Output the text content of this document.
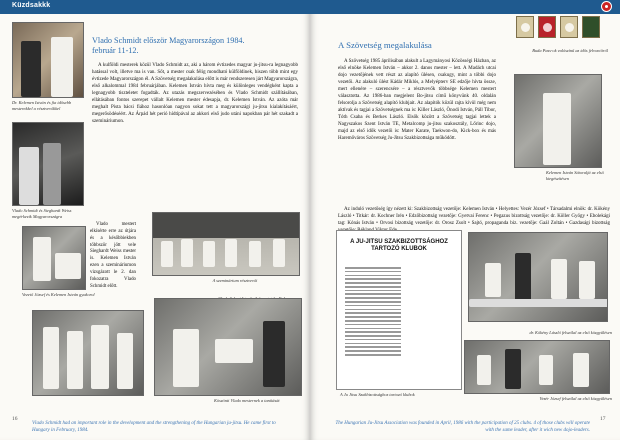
Küzdsakkk
Dr. Kelemen István és fia idősebb mesterekkel a résztvevőkkel
Vlado Schmidt először Magyarországon 1984. február 11-12.

A kulföldi mesterek közül Vlado Schmidt az, aki a három évtizedes magyar ju-jitsu-ra legnagyobb hatással volt, illetve ma is van. Sőt, a mester csak félig mondható külföldinek, hiszen több mint egy évtizede Magyarországon él. A Szövetség megalakulása előtt is már rendszeresen járt Magyarországra, első alkalommal 1984 februárjában. Kelemen István hívta meg és különleges vendégként kapta a legnagyobb tiszteletet fogadták. Az utazás megszervezésében és Vlado Schmidt szállításában, ellátásában fontos szerepet vállalt Kelemen mester édesapja, dr. Kelemen István. Az azóta már meghalt Pista bácsi fiához hasonlóan nagyon sokat tett a magyarországi ju-jitsu kialakításáért, megerősödéséért. Az Árpád hét perió hídtípával az akkori első judo utáni napokban pár hét szakadt a szemináriumon.

Vlado Schmidt és Sieghardt Weiss megérkezik Magyarországra
Vezető József és Kelemen István gyakorol

Vlado mestert elkísérte erre az útjára és a későbbiekben többször jött vele Sieghardt Weiss mester is. Kelemen István ezen a szemináriumon vizsgázott le 2. dan fokozatra Vlado Schmidt előtt.

A szeminárium résztvevői
Köszönti Vlado mesternek a tanítását
16
Vlado Schmidt had an important role in the development and the strengthening of the Hungarian ju-jitsu. He came first to Hungary in February, 1984.
Buda Pass-ok valószínű az idős felvonóiról
A Szövetség megalakulása

A Szövetség 1985 áprilisában alakult a Lagymányosi Közösségi Házban, az első elnöke Kelemen István – akkor 2. danos mester – lett. A Madách utcai dojo vezetőjének vett részt az alapító ülésen, csakugy, mint a többi dojo vezetői. Az alakuló ülést Kádár Miklós, a Melyépterv SE edzője hívta össze, mert ellenére – szerencsére – a résztvevők többsége Kelemen mestert választotta. Az 1986-ban megjelent Bo-jitsu című könyvünk 40. oldalán felsorolja a Szövetség alapító klubjait. Az alapítók közül rajta kívül még nem aktívak és tagjai a Szövetségnek ma is: Killer László, Önodi István, Páll Tibor, Tóth Csaba és Berkes László. Elsők között a Szövetség tagjai lettek a Nagyszakos Szent István TE, Metalcomp ju-jitsu szakosztály, Lőrinc dojo, majd az első idők vezetői is: Mater Karate, Taekwon-do, Kick-box és más Haremőváros Szövetség Ju-Jitsu Szakbizottsága működött.

Kelemen István Sátoraljá az első kiegészítésen

Az induló vezetőség így nézett ki: Szakbizottság vezetője: Kelemen István • Helyettes: Vezér József • Társadalmi elnök: dr. Kökény László • Titkár: dr. Kochner Irén • Edzőbizottság vezetője: Gyetvai Ferenc • Pegazus bizottság vezetője: dr. Köller Gyögy • Ebolekági tag: Kónás István • Orvosi bizottság vezetője: dr. Orosz Zsolt • Sajtó, propaganda biz. vezetője: Gaál Zoltán • Gazdasági bizottság

A JU-JITSU SZAKBIZOTTSÁGHOZ
TARTOZÓ KLUBOK
A Ju Jitsu Szakbizottsághoz tartozó klubok
dr. Kökény László felszólal az első közgyűlésen
Vezér József felszólal az első közgyűlésen
17
The Hungarian Ju-Jitsu Association was founded in April, 1986 with the participation of 25 clubs. 4 of those clubs will operate with the same leader, after it wich new dojo-leaders.
